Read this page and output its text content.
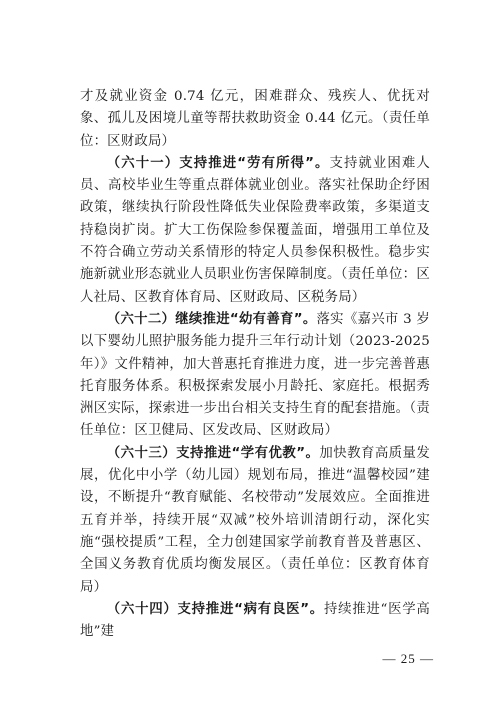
才及就业资金 0.74 亿元，困难群众、残疾人、优抚对象、孤儿及困境儿童等帮扶救助资金 0.44 亿元。（责任单位：区财政局）

（六十一）支持推进“劳有所得”。支持就业困难人员、高校毕业生等重点群体就业创业。落实社保助企纾困政策，继续执行阶段性降低失业保险费率政策，多渠道支持稳岗扩岗。扩大工伤保险参保覆盖面，增强用工单位及不符合确立劳动关系情形的特定人员参保积极性。稳步实施新就业形态就业人员职业伤害保障制度。（责任单位：区人社局、区教育体育局、区财政局、区税务局）

（六十二）继续推进“幼有善育”。落实《嘉兴市 3 岁以下婴幼儿照护服务能力提升三年行动计划（2023-2025 年）》文件精神，加大普惠托育推进力度，进一步完善普惠托育服务体系。积极探索发展小月龄托、家庭托。根据秀洲区实际，探索进一步出台相关支持生育的配套措施。（责任单位：区卫健局、区发改局、区财政局）

（六十三）支持推进“学有优教”。加快教育高质量发展，优化中小学（幼儿园）规划布局，推进“温馨校园”建设，不断提升“教育赋能、名校带动”发展效应。全面推进五育并举，持续开展“双减”校外培训清朗行动，深化实施“强校提质”工程，全力创建国家学前教育普及普惠区、全国义务教育优质均衡发展区。（责任单位：区教育体育局）

（六十四）支持推进“病有良医”。持续推进“医学高地”建

— 25 —
